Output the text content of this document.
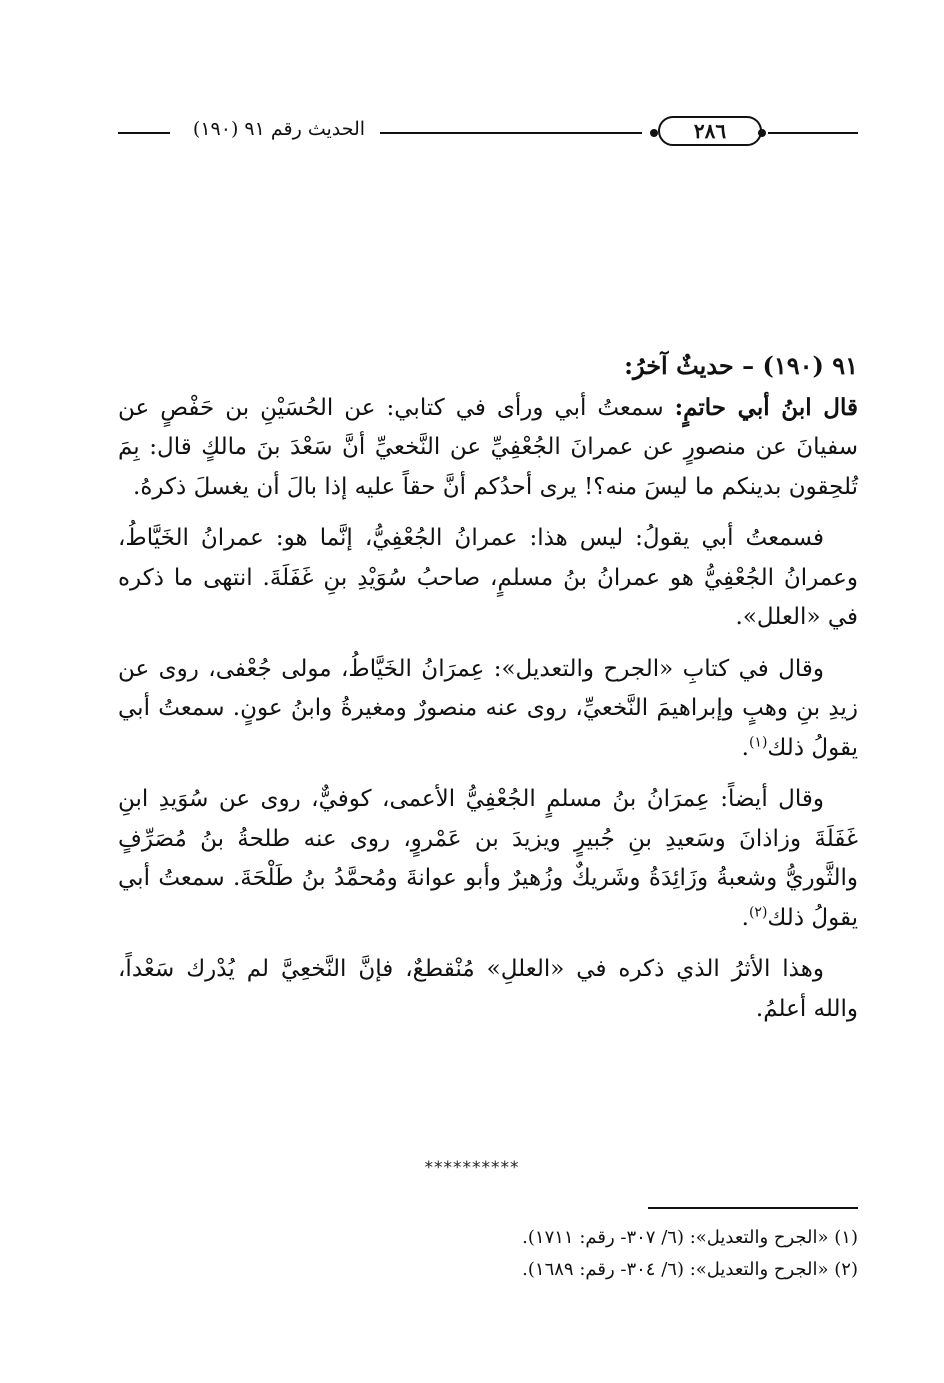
الحديث رقم ٩١ (١٩٠)	٢٨٦
٩١ (١٩٠) – حديثٌ آخرُ:

قال ابنُ أبي حاتمٍ: سمعتُ أبي ورأى في كتابي: عن الحُسَيْنِ بن حَفْصٍ عن سفيانَ عن منصورٍ عن عمرانَ الجُعْفِيِّ عن النَّخعيِّ أنَّ سَعْدَ بنَ مالكٍ قال: بِمَ تُلحِقون بدينكم ما ليسَ منه؟! يرى أحدُكم أنَّ حقاً عليه إذا بالَ أن يغسلَ ذكرهُ.

فسمعتُ أبي يقولُ: ليس هذا: عمرانُ الجُعْفِيُّ، إنَّما هو: عمرانُ الخَيَّاطُ، وعمرانُ الجُعْفِيُّ هو عمرانُ بنُ مسلمٍ، صاحبُ سُوَيْدِ بنِ غَفَلَةَ. انتهى ما ذكره في «العلل».

وقال في كتابِ «الجرح والتعديل»: عِمرَانُ الخَيَّاطُ، مولى جُعْفى، روى عن زيدِ بنِ وهبٍ وإبراهيمَ النَّخعيِّ، روى عنه منصورٌ ومغيرةُ وابنُ عونٍ. سمعتُ أبي يقولُ ذلك$^{(١)}$.

وقال أيضاً: عِمرَانُ بنُ مسلمٍ الجُعْفِيُّ الأعمى، كوفيٌّ، روى عن سُوَيدِ ابنِ غَفَلَةَ وزاذانَ وسَعيدِ بنِ جُبيرٍ ويزيدَ بن عَمْروٍ، روى عنه طلحةُ بنُ مُصَرِّفٍ والثَّوريُّ وشعبةُ وزَائِدَةُ وشَريكٌ وزُهيرٌ وأبو عوانةَ ومُحمَّدُ بنُ طَلْحَةَ. سمعتُ أبي يقولُ ذلك$^{(٢)}$.

وهذا الأثرُ الذي ذكره في «العللِ» مُنْقطعٌ، فإنَّ النَّخعِيَّ لم يُدْرك سَعْداً، والله أعلمُ.

**********

(١) «الجرح والتعديل»: (٦/ ٣٠٧- رقم: ١٧١١).

(٢) «الجرح والتعديل»: (٦/ ٣٠٤- رقم: ١٦٨٩).
